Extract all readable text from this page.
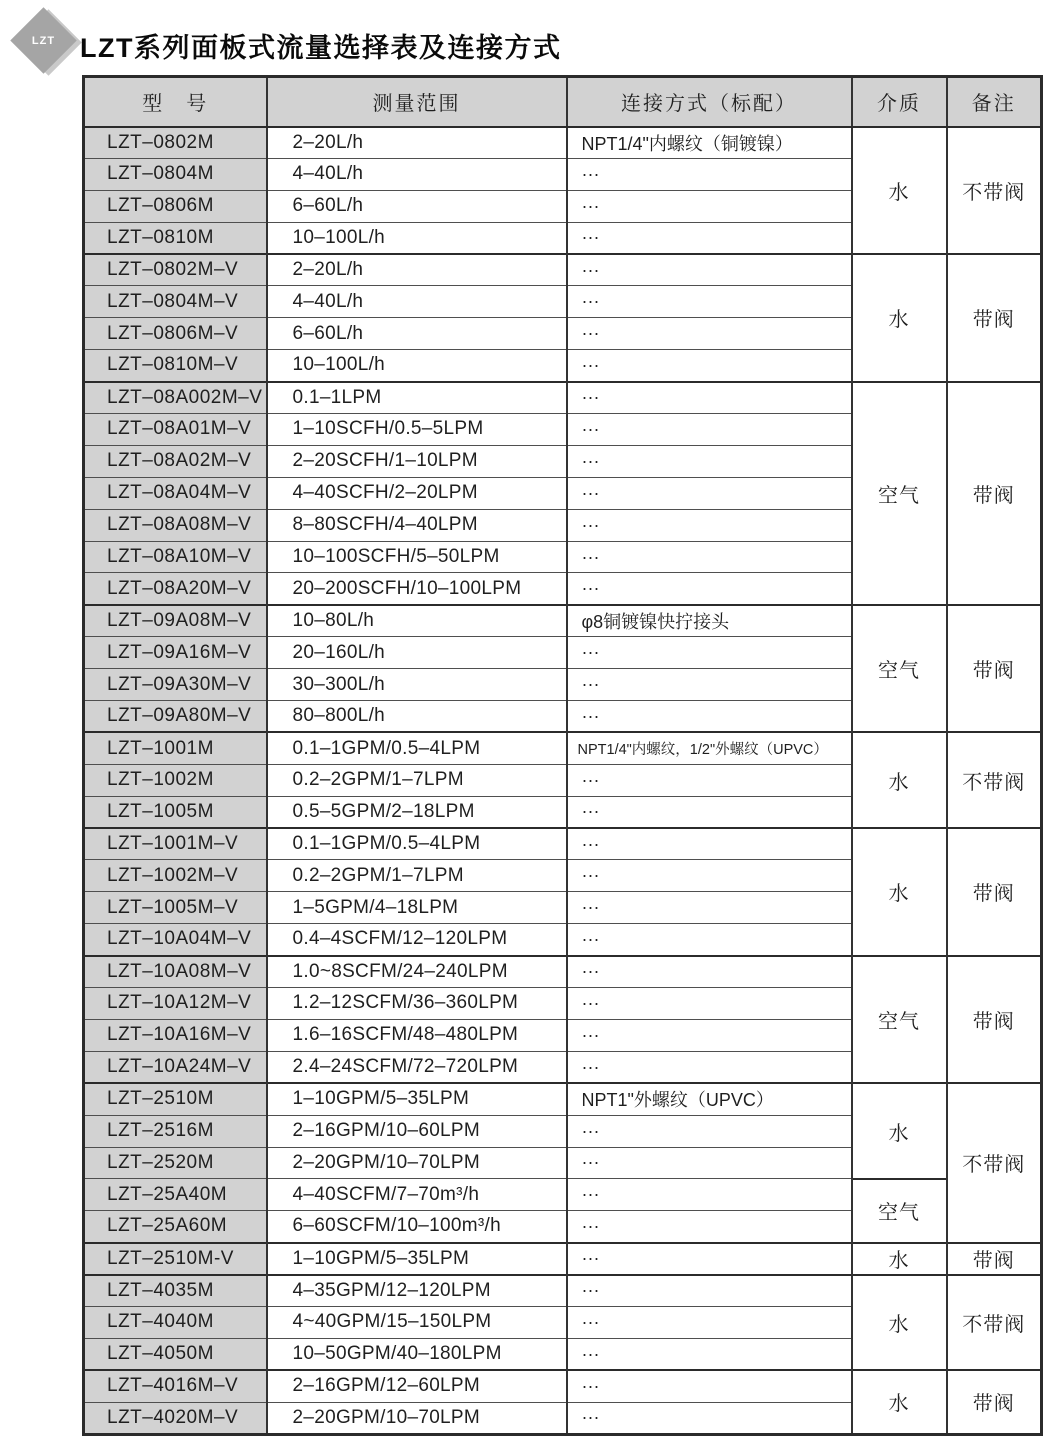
LZT LZT系列面板式流量选择表及连接方式
型　号	测量范围	连接方式（标配）	介质	备注
LZT–0802M	2–20L/h	NPT1/4"内螺纹（铜镀镍）	水	不带阀
LZT–0804M	4–40L/h	···		
LZT–0806M	6–60L/h	···		
LZT–0810M	10–100L/h	···		
LZT–0802M–V	2–20L/h	···	水	带阀
LZT–0804M–V	4–40L/h	···		
LZT–0806M–V	6–60L/h	···		
LZT–0810M–V	10–100L/h	···		
LZT–08A002M–V	0.1–1LPM	···	空气	带阀
LZT–08A01M–V	1–10SCFH/0.5–5LPM	···		
LZT–08A02M–V	2–20SCFH/1–10LPM	···		
LZT–08A04M–V	4–40SCFH/2–20LPM	···		
LZT–08A08M–V	8–80SCFH/4–40LPM	···		
LZT–08A10M–V	10–100SCFH/5–50LPM	···		
LZT–08A20M–V	20–200SCFH/10–100LPM	···		
LZT–09A08M–V	10–80L/h	φ8铜镀镍快拧接头	空气	带阀
LZT–09A16M–V	20–160L/h	···		
LZT–09A30M–V	30–300L/h	···		
LZT–09A80M–V	80–800L/h	···		
LZT–1001M	0.1–1GPM/0.5–4LPM	NPT1/4"内螺纹，1/2"外螺纹（UPVC）	水	不带阀
LZT–1002M	0.2–2GPM/1–7LPM	···		
LZT–1005M	0.5–5GPM/2–18LPM	···		
LZT–1001M–V	0.1–1GPM/0.5–4LPM	···	水	带阀
LZT–1002M–V	0.2–2GPM/1–7LPM	···		
LZT–1005M–V	1–5GPM/4–18LPM	···		
LZT–10A04M–V	0.4–4SCFM/12–120LPM	···		
LZT–10A08M–V	1.0~8SCFM/24–240LPM	···	空气	带阀
LZT–10A12M–V	1.2–12SCFM/36–360LPM	···		
LZT–10A16M–V	1.6–16SCFM/48–480LPM	···		
LZT–10A24M–V	2.4–24SCFM/72–720LPM	···		
LZT–2510M	1–10GPM/5–35LPM	NPT1"外螺纹（UPVC）	水	不带阀
LZT–2516M	2–16GPM/10–60LPM	···		
LZT–2520M	2–20GPM/10–70LPM	···		
LZT–25A40M	4–40SCFM/7–70m³/h	···	空气	
LZT–25A60M	6–60SCFM/10–100m³/h	···		
LZT–2510M-V	1–10GPM/5–35LPM	···	水	带阀
LZT–4035M	4–35GPM/12–120LPM	···	水	不带阀
LZT–4040M	4~40GPM/15–150LPM	···		
LZT–4050M	10–50GPM/40–180LPM	···		
LZT–4016M–V	2–16GPM/12–60LPM	···	水	带阀
LZT–4020M–V	2–20GPM/10–70LPM	···		
